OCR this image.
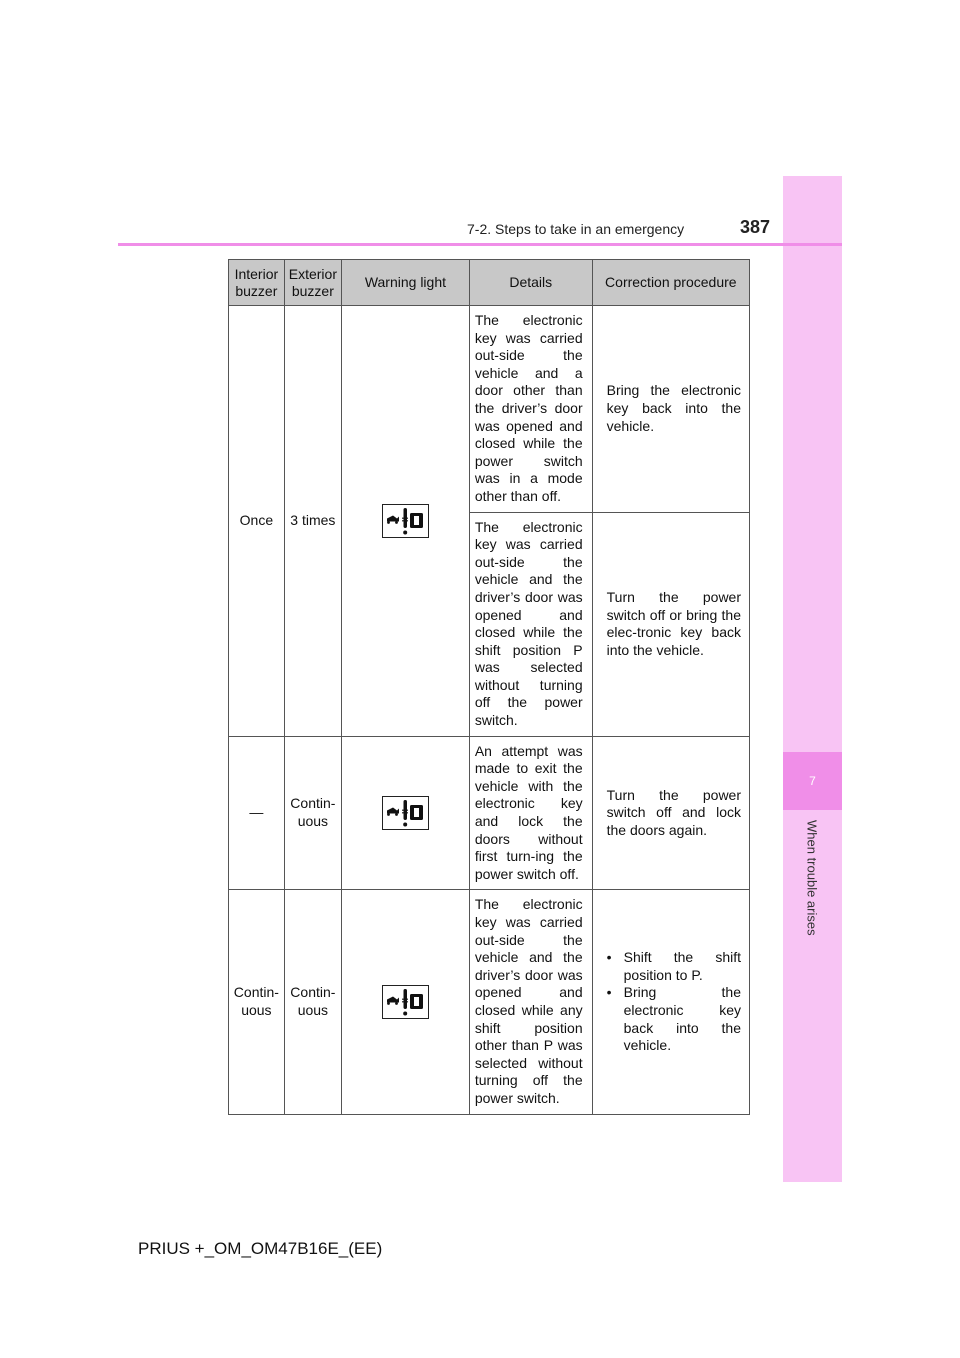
7
When trouble arises
7-2. Steps to take in an emergency	387
Interior buzzer	Exterior buzzer	Warning light	Details	Correction procedure
Once	3 times		The electronic key was carried out-side the vehicle and a door other than the driver’s door was opened and closed while the power switch was in a mode other than off.	Bring the electronic key back into the vehicle.
			The electronic key was carried out-side the vehicle and the driver’s door was opened and closed while the shift position P was selected without turning off the power switch.	Turn the power switch off or bring the elec-tronic key back into the vehicle.
—	Contin-uous		An attempt was made to exit the vehicle with the electronic key and lock the doors without first turn-ing the power switch off.	Turn the power switch off and lock the doors again.
Contin-uous	Contin-uous		The electronic key was carried out-side the vehicle and the driver’s door was opened and closed while any shift position other than P was selected without turning off the power switch.	• Shift the shift position to P.
• Bring the electronic key back into the vehicle.
PRIUS +_OM_OM47B16E_(EE)
